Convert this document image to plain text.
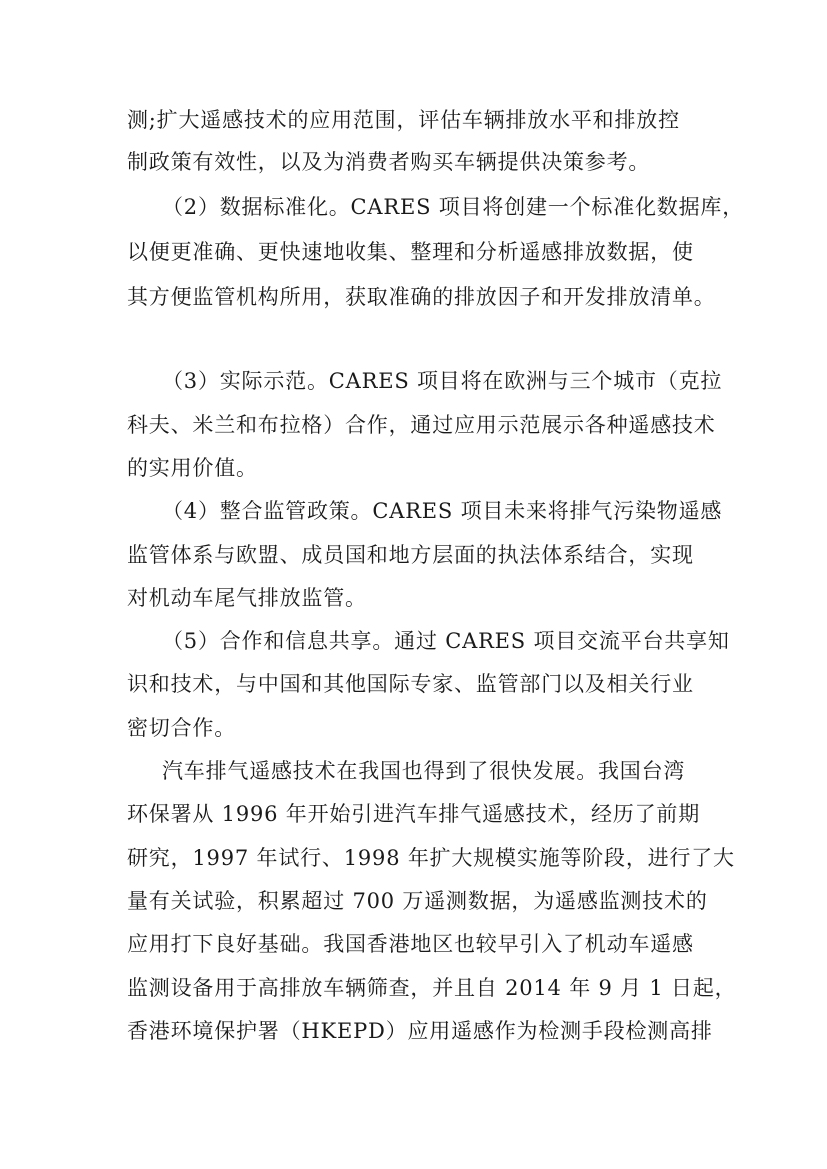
测;扩大遥感技术的应用范围，评估车辆排放水平和排放控
制政策有效性，以及为消费者购买车辆提供决策参考。
（2）数据标准化。CARES 项目将创建一个标准化数据库，
以便更准确、更快速地收集、整理和分析遥感排放数据，使
其方便监管机构所用，获取准确的排放因子和开发排放清单。
（3）实际示范。CARES 项目将在欧洲与三个城市（克拉
科夫、米兰和布拉格）合作，通过应用示范展示各种遥感技术
的实用价值。
（4）整合监管政策。CARES 项目未来将排气污染物遥感
监管体系与欧盟、成员国和地方层面的执法体系结合，实现
对机动车尾气排放监管。
（5）合作和信息共享。通过 CARES 项目交流平台共享知
识和技术，与中国和其他国际专家、监管部门以及相关行业
密切合作。
汽车排气遥感技术在我国也得到了很快发展。我国台湾
环保署从 1996 年开始引进汽车排气遥感技术，经历了前期
研究，1997 年试行、1998 年扩大规模实施等阶段，进行了大
量有关试验，积累超过 700 万遥测数据，为遥感监测技术的
应用打下良好基础。我国香港地区也较早引入了机动车遥感
监测设备用于高排放车辆筛查，并且自 2014 年 9 月 1 日起，
香港环境保护署（HKEPD）应用遥感作为检测手段检测高排
